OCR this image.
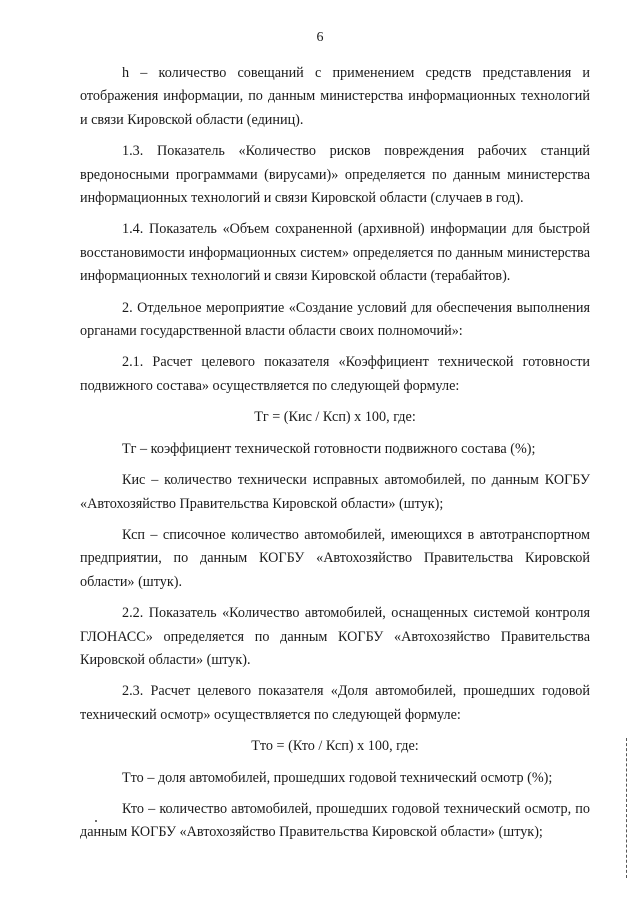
6

h – количество совещаний с применением средств представления и отображения информации, по данным министерства информационных технологий и связи Кировской области (единиц).

1.3. Показатель «Количество рисков повреждения рабочих станций вредоносными программами (вирусами)» определяется по данным министерства информационных технологий и связи Кировской области (случаев в год).

1.4. Показатель «Объем сохраненной (архивной) информации для быстрой восстановимости информационных систем» определяется по данным министерства информационных технологий и связи Кировской области (терабайтов).

2. Отдельное мероприятие «Создание условий для обеспечения выполнения органами государственной власти области своих полномочий»:

2.1. Расчет целевого показателя «Коэффициент технической готовности подвижного состава» осуществляется по следующей формуле:

Тг = (Кис / Ксп) х 100, где:

Тг – коэффициент технической готовности подвижного состава (%);

Кис – количество технически исправных автомобилей, по данным КОГБУ «Автохозяйство Правительства Кировской области» (штук);

Ксп – списочное количество автомобилей, имеющихся в автотранспортном предприятии, по данным КОГБУ «Автохозяйство Правительства Кировской области» (штук).

2.2. Показатель «Количество автомобилей, оснащенных системой контроля ГЛОНАСС» определяется по данным КОГБУ «Автохозяйство Правительства Кировской области» (штук).

2.3. Расчет целевого показателя «Доля автомобилей, прошедших годовой технический осмотр» осуществляется по следующей формуле:

Тто = (Кто / Ксп) х 100, где:

Тто – доля автомобилей, прошедших годовой технический осмотр (%);

Кто – количество автомобилей, прошедших годовой технический осмотр, по данным КОГБУ «Автохозяйство Правительства Кировской области» (штук);
